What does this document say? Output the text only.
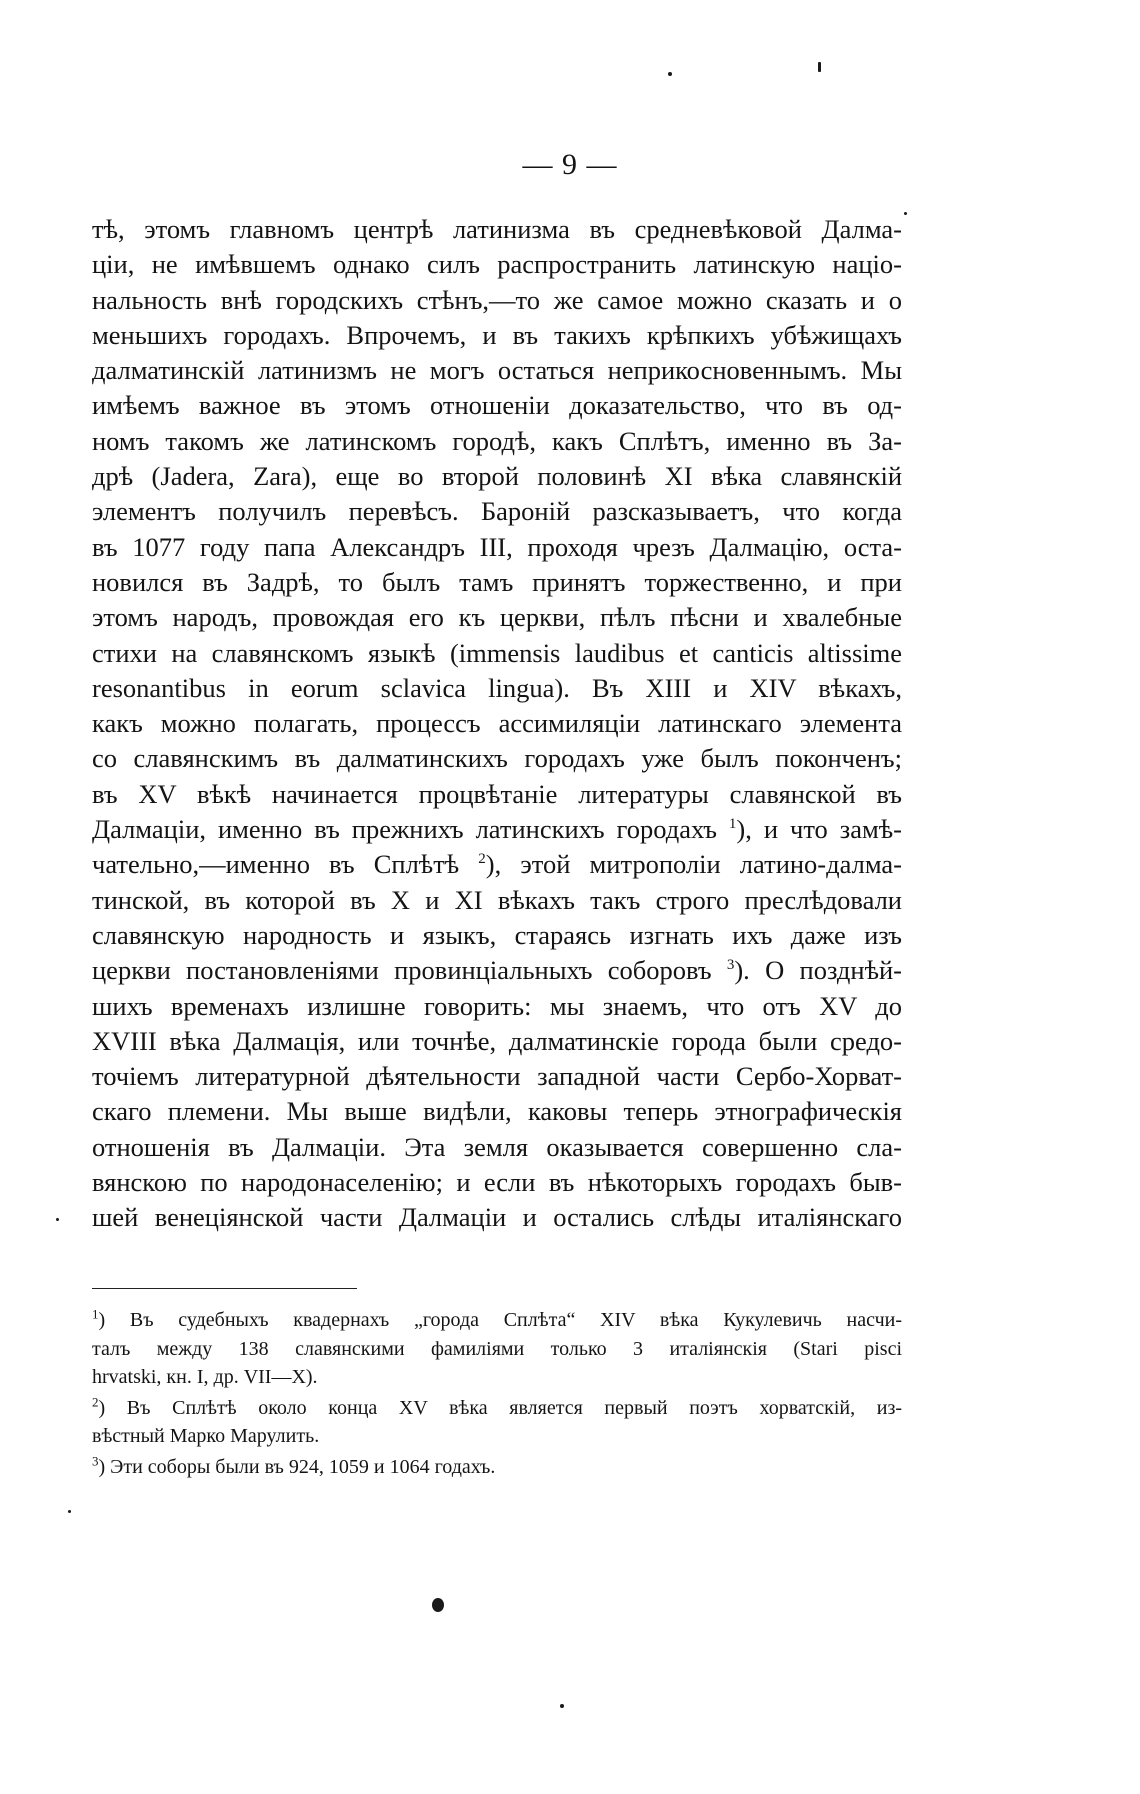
— 9 —
тѣ, этомъ главномъ центрѣ латинизма въ средневѣковой Далма-
ціи, не имѣвшемъ однако силъ распространить латинскую націо-
нальность внѣ городскихъ стѣнъ,—то же самое можно сказать и о
меньшихъ городахъ. Впрочемъ, и въ такихъ крѣпкихъ убѣжищахъ
далматинскій латинизмъ не могъ остаться неприкосновеннымъ. Мы
имѣемъ важное въ этомъ отношеніи доказательство, что въ од-
номъ такомъ же латинскомъ городѣ, какъ Сплѣтъ, именно въ За-
дрѣ (Jadera, Zara), еще во второй половинѣ XI вѣка славянскій
элементъ получилъ перевѣсъ. Бароній разсказываетъ, что когда
въ 1077 году папа Александръ III, проходя чрезъ Далмацію, оста-
новился въ Задрѣ, то былъ тамъ принятъ торжественно, и при
этомъ народъ, провождая его къ церкви, пѣлъ пѣсни и хвалебные
стихи на славянскомъ языкѣ (immensis laudibus et canticis altissime
resonantibus in eorum sclavica lingua). Въ XIII и XIV вѣкахъ,
какъ можно полагать, процессъ ассимиляціи латинскаго элемента
со славянскимъ въ далматинскихъ городахъ уже былъ поконченъ;
въ XV вѣкѣ начинается процвѣтаніе литературы славянской въ
Далмаціи, именно въ прежнихъ латинскихъ городахъ $^1$), и что замѣ-
чательно,—именно въ Сплѣтѣ $^2$), этой митрополіи латино-далма-
тинской, въ которой въ X и XI вѣкахъ такъ строго преслѣдовали
славянскую народность и языкъ, стараясь изгнать ихъ даже изъ
церкви постановленіями провинціальныхъ соборовъ $^3$). О позднѣй-
шихъ временахъ излишне говорить: мы знаемъ, что отъ XV до
XVIII вѣка Далмація, или точнѣе, далматинскіе города были средо-
точіемъ литературной дѣятельности западной части Сербо-Хорват-
скаго племени. Мы выше видѣли, каковы теперь этнографическія
отношенія въ Далмаціи. Эта земля оказывается совершенно сла-
вянскою по народонаселенію; и если въ нѣкоторыхъ городахъ быв-
шей венеціянской части Далмаціи и остались слѣды италіянскаго
$^1$) Въ судебныхъ квадернахъ „города Сплѣта“ XIV вѣка Кукулевичь насчи-
талъ между 138 славянскими фамиліями только 3 италіянскія (Stari pisci
hrvatski, кн. I, др. VII—X).
$^2$) Въ Сплѣтѣ около конца XV вѣка является первый поэтъ хорватскій, из-
вѣстный Марко Марулить.
$^3$) Эти соборы были въ 924, 1059 и 1064 годахъ.
